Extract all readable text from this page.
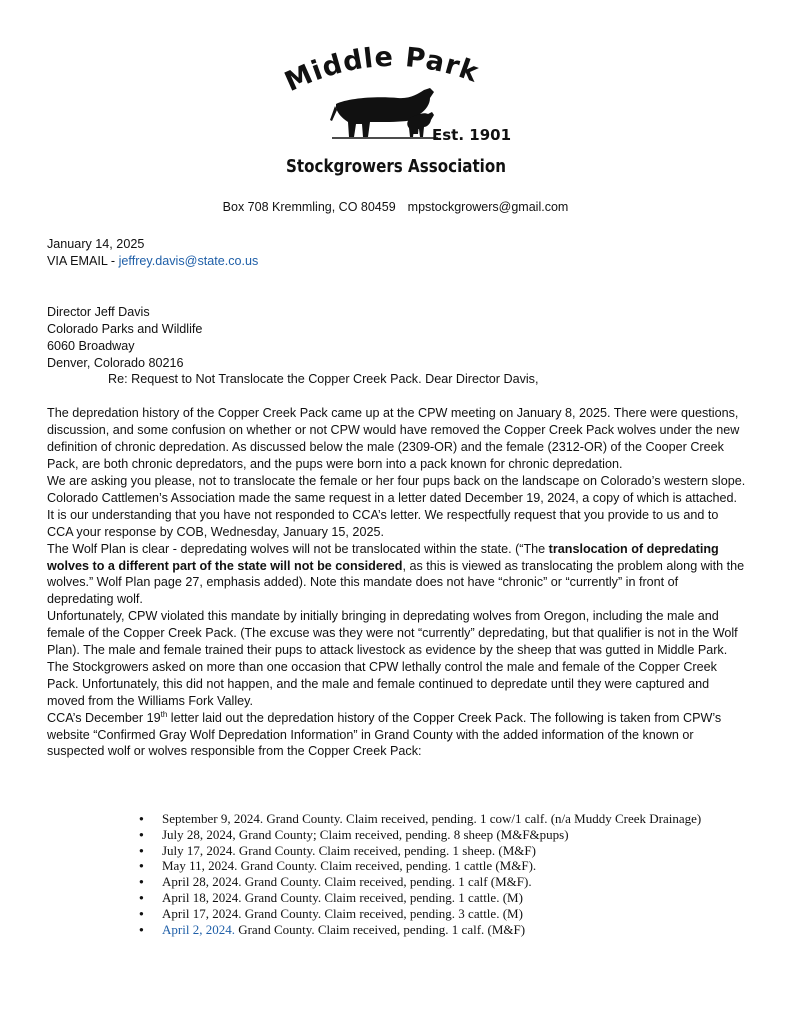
Middle Park
Est. 1901
Stockgrowers Association
Box 708 Kremmling, CO 80459 mpstockgrowers@gmail.com
January 14, 2025
VIA EMAIL - jeffrey.davis@state.co.us
Director Jeff Davis
Colorado Parks and Wildlife
6060 Broadway
Denver, Colorado 80216
Re: Request to Not Translocate the Copper Creek Pack. Dear Director Davis,

The depredation history of the Copper Creek Pack came up at the CPW meeting on January 8, 2025. There were questions, discussion, and some confusion on whether or not CPW would have removed the Copper Creek Pack wolves under the new definition of chronic depredation. As discussed below the male (2309-OR) and the female (2312-OR) of the Cooper Creek Pack, are both chronic depredators, and the pups were born into a pack known for chronic depredation.

We are asking you please, not to translocate the female or her four pups back on the landscape on Colorado’s western slope. Colorado Cattlemen’s Association made the same request in a letter dated December 19, 2024, a copy of which is attached. It is our understanding that you have not responded to CCA’s letter. We respectfully request that you provide to us and to CCA your response by COB, Wednesday, January 15, 2025.

The Wolf Plan is clear - depredating wolves will not be translocated within the state. (“The translocation of depredating wolves to a different part of the state will not be considered, as this is viewed as translocating the problem along with the wolves.” Wolf Plan page 27, emphasis added). Note this mandate does not have “chronic” or “currently” in front of depredating wolf.

Unfortunately, CPW violated this mandate by initially bringing in depredating wolves from Oregon, including the male and female of the Copper Creek Pack. (The excuse was they were not “currently” depredating, but that qualifier is not in the Wolf Plan). The male and female trained their pups to attack livestock as evidence by the sheep that was gutted in Middle Park.

The Stockgrowers asked on more than one occasion that CPW lethally control the male and female of the Copper Creek Pack. Unfortunately, this did not happen, and the male and female continued to depredate until they were captured and moved from the Williams Fork Valley.

CCA’s December 19th letter laid out the depredation history of the Copper Creek Pack. The following is taken from CPW’s website “Confirmed Gray Wolf Depredation Information” in Grand County with the added information of the known or suspected wolf or wolves responsible from the Copper Creek Pack:

● September 9, 2024. Grand County. Claim received, pending. 1 cow/1 calf. (n/a Muddy Creek Drainage)
● July 28, 2024, Grand County; Claim received, pending. 8 sheep (M&F&pups)
● July 17, 2024. Grand County. Claim received, pending. 1 sheep. (M&F)
● May 11, 2024. Grand County. Claim received, pending. 1 cattle (M&F).
● April 28, 2024. Grand County. Claim received, pending. 1 calf (M&F).
● April 18, 2024. Grand County. Claim received, pending. 1 cattle. (M)
● April 17, 2024. Grand County. Claim received, pending. 3 cattle. (M)
● April 2, 2024. Grand County. Claim received, pending. 1 calf. (M&F)
